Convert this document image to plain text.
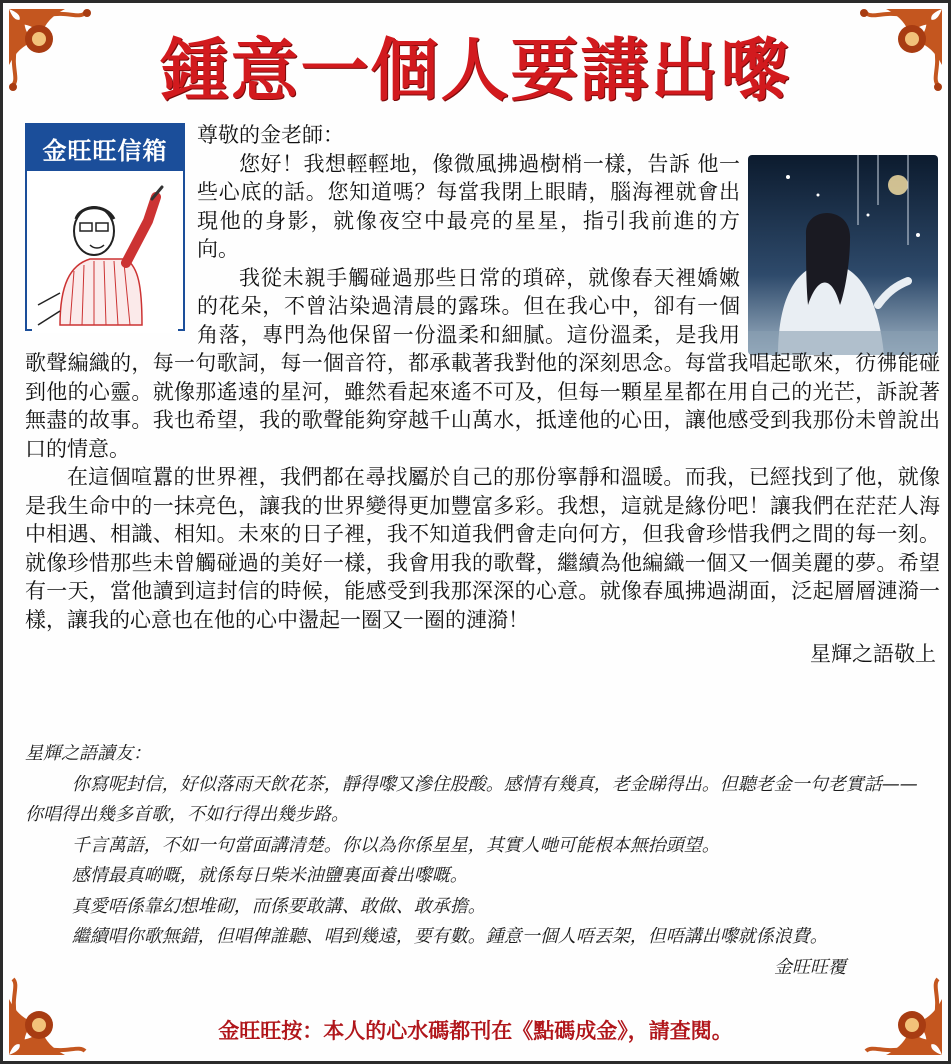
鍾意一個人要講出嚟
金旺旺信箱

尊敬的金老師：

您好！我想輕輕地，像微風拂過樹梢一樣，告訴 他一些心底的話。您知道嗎？每當我閉上眼睛，腦海裡就會出現他的身影，就像夜空中最亮的星星，指引我前進的方向。

我從未親手觸碰過那些日常的瑣碎，就像春天裡嬌嫩的花朵，不曾沾染過清晨的露珠。但在我心中，卻有一個角落，專門為他保留一份溫柔和細膩。這份溫柔，是我用歌聲編織的，每一句歌詞，每一個音符，都承載著我對他的深刻思念。每當我唱起歌來，彷彿能碰到他的心靈。就像那遙遠的星河，雖然看起來遙不可及，但每一顆星星都在用自己的光芒，訴說著無盡的故事。我也希望，我的歌聲能夠穿越千山萬水，抵達他的心田，讓他感受到我那份未曾說出口的情意。

在這個喧囂的世界裡，我們都在尋找屬於自己的那份寧靜和溫暖。而我，已經找到了他，就像是我生命中的一抹亮色，讓我的世界變得更加豐富多彩。我想，這就是緣份吧！讓我們在茫茫人海中相遇、相識、相知。未來的日子裡，我不知道我們會走向何方，但我會珍惜我們之間的每一刻。就像珍惜那些未曾觸碰過的美好一樣，我會用我的歌聲，繼續為他編織一個又一個美麗的夢。希望有一天，當他讀到這封信的時候，能感受到我那深深的心意。就像春風拂過湖面，泛起層層漣漪一樣，讓我的心意也在他的心中盪起一圈又一圈的漣漪！

星輝之語敬上

星輝之語讀友：

你寫呢封信，好似落雨天飲花茶，靜得嚟又滲住股酸。感情有幾真，老金睇得出。但聽老金一句老實話——你唱得出幾多首歌，不如行得出幾步路。

千言萬語，不如一句當面講清楚。你以為你係星星，其實人哋可能根本無抬頭望。

感情最真啲嘅，就係每日柴米油鹽裏面養出嚟嘅。

真愛唔係靠幻想堆砌，而係要敢講、敢做、敢承擔。

繼續唱你歌無錯，但唱俾誰聽、唱到幾遠，要有數。鍾意一個人唔丟架，但唔講出嚟就係浪費。

金旺旺覆

金旺旺按：本人的心水碼都刊在《點碼成金》，請查閱。
